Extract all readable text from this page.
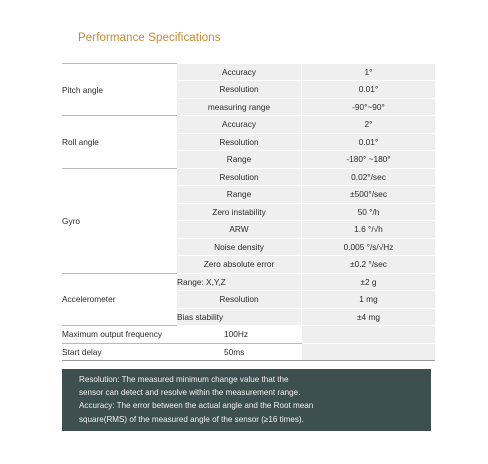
Performance Specifications
Pitch angle	Accuracy	1°
	Resolution	0.01°
	measuring range	-90°~90°
Roll angle	Accuracy	2°
	Resolution	0.01°
	Range	-180° ~180°
Gyro	Resolution	0.02°/sec
	Range	±500°/sec
	Zero instability	50 °/h
	ARW	1.6 °/√h
	Noise density	0.005 °/s/√Hz
	Zero absolute error	±0.2 °/sec
Accelerometer	Range: X,Y,Z	±2 g
	Resolution	1 mg
	Bias stability	±4 mg
Maximum output frequency		100Hz
Start delay		50ms
Resolution: The measured minimum change value that the
sensor can detect and resolve within the measurement range.
Accuracy: The error between the actual angle and the Root mean
square(RMS) of the measured angle of the sensor (≥16 times).
